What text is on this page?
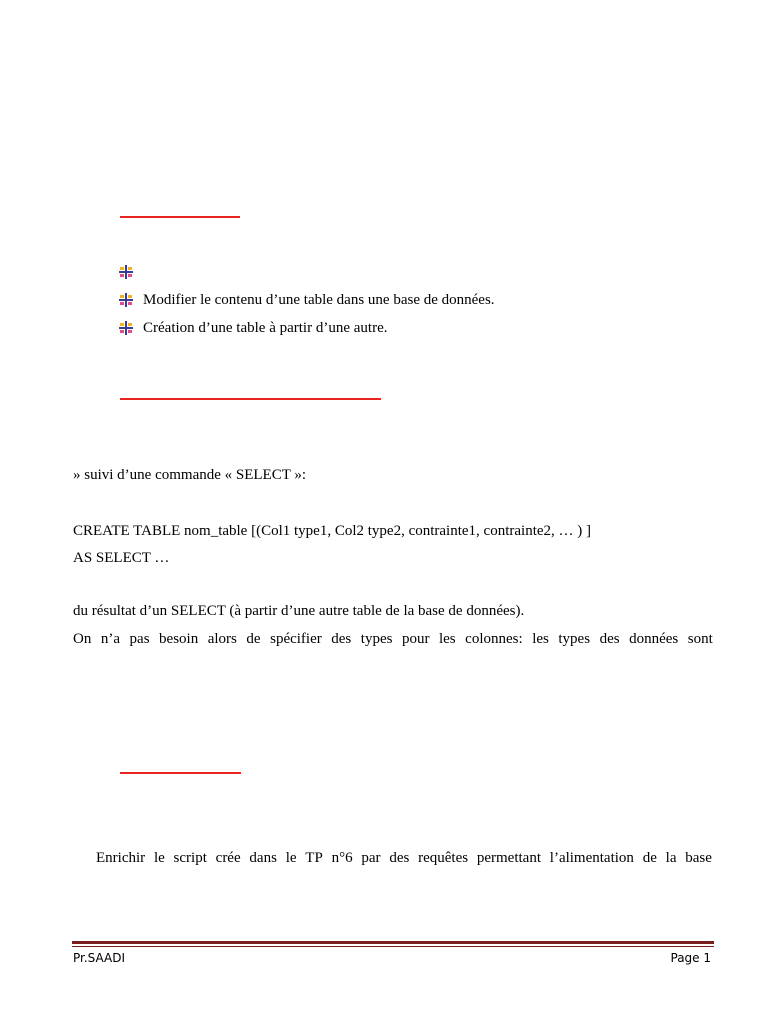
Modifier le contenu d’une table dans une base de données.
Création d’une table à partir d’une autre.
» suivi d’une commande « SELECT »:
CREATE TABLE nom_table [(Col1 type1, Col2 type2, contrainte1, contrainte2, … ) ]
AS SELECT …
du résultat d’un SELECT (à partir d’une autre table de la base de données).
On n’a pas besoin alors de spécifier des types pour les colonnes: les types des données sont
Enrichir le script crée dans le TP n°6 par des requêtes permettant l’alimentation de la base
Pr.SAADI	Page 1
